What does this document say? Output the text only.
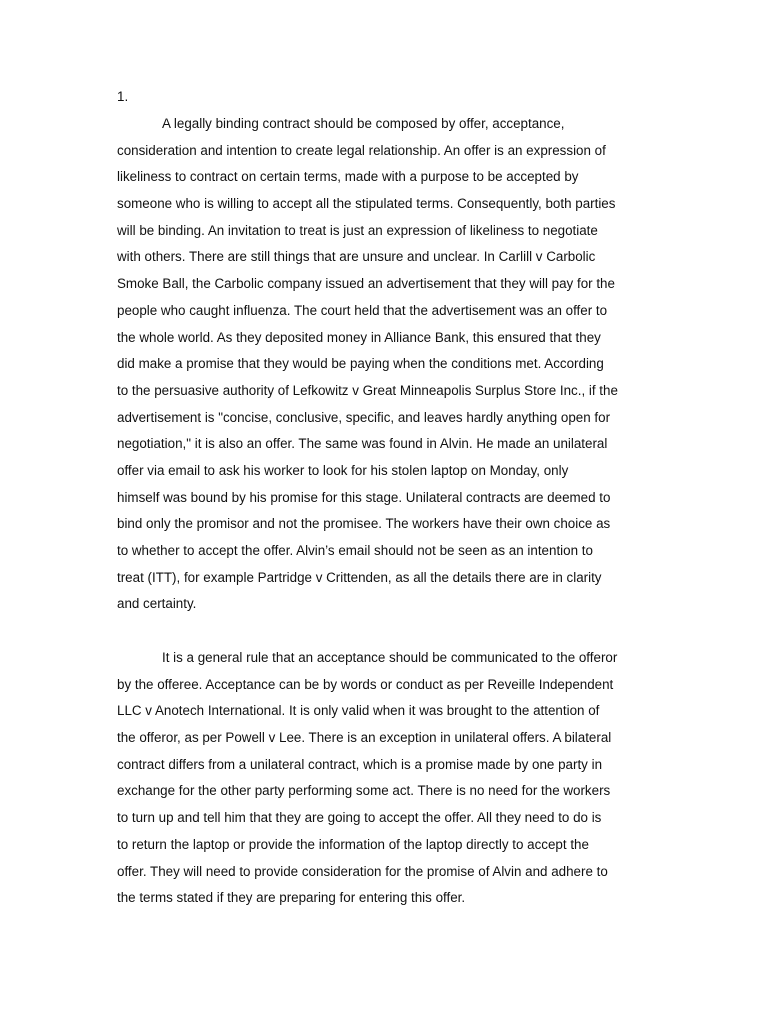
1.
A legally binding contract should be composed by offer, acceptance,
consideration and intention to create legal relationship. An offer is an expression of
likeliness to contract on certain terms, made with a purpose to be accepted by
someone who is willing to accept all the stipulated terms. Consequently, both parties
will be binding. An invitation to treat is just an expression of likeliness to negotiate
with others. There are still things that are unsure and unclear. In Carlill v Carbolic
Smoke Ball, the Carbolic company issued an advertisement that they will pay for the
people who caught influenza. The court held that the advertisement was an offer to
the whole world. As they deposited money in Alliance Bank, this ensured that they
did make a promise that they would be paying when the conditions met. According
to the persuasive authority of Lefkowitz v Great Minneapolis Surplus Store Inc., if the
advertisement is "concise, conclusive, specific, and leaves hardly anything open for
negotiation," it is also an offer. The same was found in Alvin. He made an unilateral
offer via email to ask his worker to look for his stolen laptop on Monday, only
himself was bound by his promise for this stage. Unilateral contracts are deemed to
bind only the promisor and not the promisee. The workers have their own choice as
to whether to accept the offer. Alvin’s email should not be seen as an intention to
treat (ITT), for example Partridge v Crittenden, as all the details there are in clarity
and certainty.
It is a general rule that an acceptance should be communicated to the offeror
by the offeree. Acceptance can be by words or conduct as per Reveille Independent
LLC v Anotech International. It is only valid when it was brought to the attention of
the offeror, as per Powell v Lee. There is an exception in unilateral offers. A bilateral
contract differs from a unilateral contract, which is a promise made by one party in
exchange for the other party performing some act. There is no need for the workers
to turn up and tell him that they are going to accept the offer. All they need to do is
to return the laptop or provide the information of the laptop directly to accept the
offer. They will need to provide consideration for the promise of Alvin and adhere to
the terms stated if they are preparing for entering this offer.
